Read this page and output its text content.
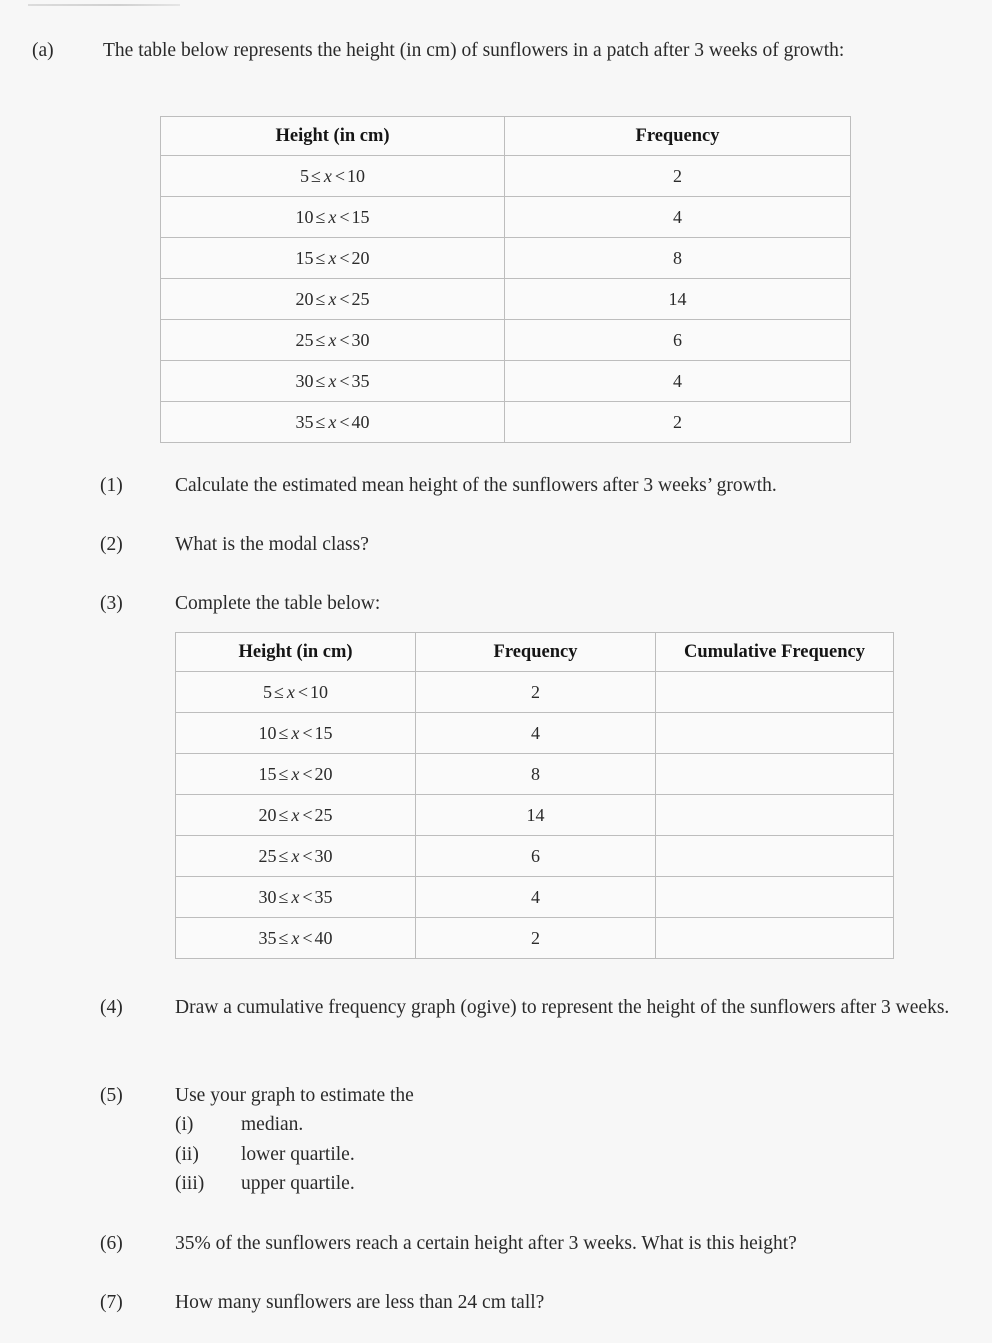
(a)	The table below represents the height (in cm) of sunflowers in a patch after 3 weeks of growth:
Height (in cm)	Frequency
5 ≤ x < 10	2
10 ≤ x < 15	4
15 ≤ x < 20	8
20 ≤ x < 25	14
25 ≤ x < 30	6
30 ≤ x < 35	4
35 ≤ x < 40	2
(1)	Calculate the estimated mean height of the sunflowers after 3 weeks’ growth.
(2)	What is the modal class?
(3)	Complete the table below:
Height (in cm)	Frequency	Cumulative Frequency
5 ≤ x < 10	2	
10 ≤ x < 15	4	
15 ≤ x < 20	8	
20 ≤ x < 25	14	
25 ≤ x < 30	6	
30 ≤ x < 35	4	
35 ≤ x < 40	2	
(4)	Draw a cumulative frequency graph (ogive) to represent the height of the sunflowers after 3 weeks.
(5)	Use your graph to estimate the
(i)	median.
(ii)	lower quartile.
(iii)	upper quartile.
(6)	35% of the sunflowers reach a certain height after 3 weeks. What is this height?
(7)	How many sunflowers are less than 24 cm tall?
